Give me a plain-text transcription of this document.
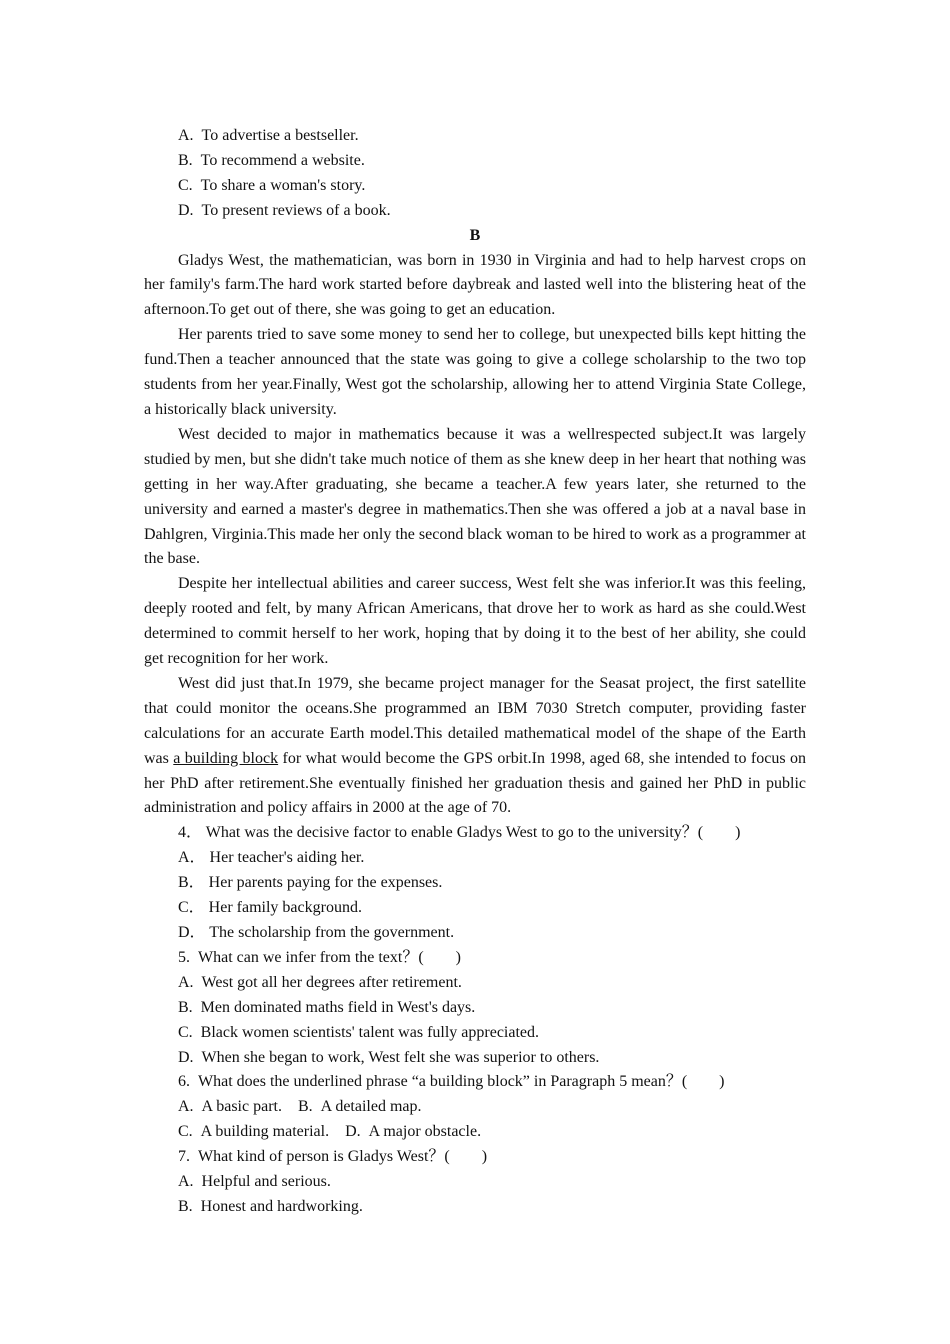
A.  To advertise a bestseller.
B.  To recommend a website.
C.  To share a woman's story.
D.  To present reviews of a book.
B

Gladys West, the mathematician, was born in 1930 in Virginia and had to help harvest crops on her family's farm.The hard work started before daybreak and lasted well into the blistering heat of the afternoon.To get out of there, she was going to get an education.

Her parents tried to save some money to send her to college, but unexpected bills kept hitting the fund.Then a teacher announced that the state was going to give a college scholarship to the two top students from her year.Finally, West got the scholarship, allowing her to attend Virginia State College, a historically black university.

West decided to major in mathematics because it was a wellrespected subject.It was largely studied by men, but she didn't take much notice of them as she knew deep in her heart that nothing was getting in her way.After graduating, she became a teacher.A few years later, she returned to the university and earned a master's degree in mathematics.Then she was offered a job at a naval base in Dahlgren, Virginia.This made her only the second black woman to be hired to work as a programmer at the base.

Despite her intellectual abilities and career success, West felt she was inferior.It was this feeling, deeply rooted and felt, by many African Americans, that drove her to work as hard as she could.West determined to commit herself to her work, hoping that by doing it to the best of her ability, she could get recognition for her work.

West did just that.In 1979, she became project manager for the Seasat project, the first satellite that could monitor the oceans.She programmed an IBM 7030 Stretch computer, providing faster calculations for an accurate Earth model.This detailed mathematical model of the shape of the Earth was a building block for what would become the GPS orbit.In 1998, aged 68, she intended to focus on her PhD after retirement.She eventually finished her graduation thesis and gained her PhD in public administration and policy affairs in 2000 at the age of 70.

4． What was the decisive factor to enable Gladys West to go to the university？(　　)
A． Her teacher's aiding her.
B． Her parents paying for the expenses.
C． Her family background.
D． The scholarship from the government.
5.  What can we infer from the text？(　　)
A.  West got all her degrees after retirement.
B.  Men dominated maths field in West's days.
C.  Black women scientists' talent was fully appreciated.
D.  When she began to work, West felt she was superior to others.
6.  What does the underlined phrase “a building block” in Paragraph 5 mean？(　　)
A.  A basic part.    B.  A detailed map.
C.  A building material.    D.  A major obstacle.
7.  What kind of person is Gladys West？(　　)
A.  Helpful and serious.
B.  Honest and hardworking.
